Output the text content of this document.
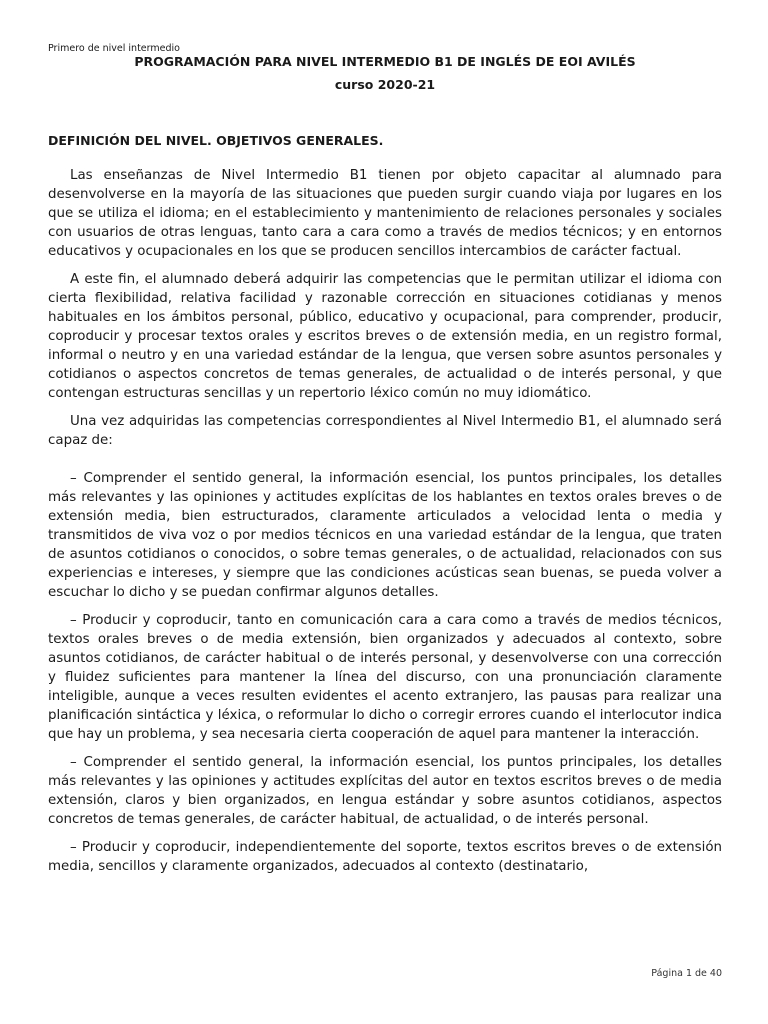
Primero de nivel intermedio
PROGRAMACIÓN PARA NIVEL INTERMEDIO B1 DE INGLÉS DE EOI AVILÉS
curso 2020-21
DEFINICIÓN DEL NIVEL. OBJETIVOS GENERALES.

Las enseñanzas de Nivel Intermedio B1 tienen por objeto capacitar al alumnado para desenvolverse en la mayoría de las situaciones que pueden surgir cuando viaja por lugares en los que se utiliza el idioma; en el establecimiento y mantenimiento de relaciones personales y sociales con usuarios de otras lenguas, tanto cara a cara como a través de medios técnicos; y en entornos educativos y ocupacionales en los que se producen sencillos intercambios de carácter factual.

A este fin, el alumnado deberá adquirir las competencias que le permitan utilizar el idioma con cierta flexibilidad, relativa facilidad y razonable corrección en situaciones cotidianas y menos habituales en los ámbitos personal, público, educativo y ocupacional, para comprender, producir, coproducir y procesar textos orales y escritos breves o de extensión media, en un registro formal, informal o neutro y en una variedad estándar de la lengua, que versen sobre asuntos personales y cotidianos o aspectos concretos de temas generales, de actualidad o de interés personal, y que contengan estructuras sencillas y un repertorio léxico común no muy idiomático.

Una vez adquiridas las competencias correspondientes al Nivel Intermedio B1, el alumnado será capaz de:

– Comprender el sentido general, la información esencial, los puntos principales, los detalles más relevantes y las opiniones y actitudes explícitas de los hablantes en textos orales breves o de extensión media, bien estructurados, claramente articulados a velocidad lenta o media y transmitidos de viva voz o por medios técnicos en una variedad estándar de la lengua, que traten de asuntos cotidianos o conocidos, o sobre temas generales, o de actualidad, relacionados con sus experiencias e intereses, y siempre que las condiciones acústicas sean buenas, se pueda volver a escuchar lo dicho y se puedan confirmar algunos detalles.

– Producir y coproducir, tanto en comunicación cara a cara como a través de medios técnicos, textos orales breves o de media extensión, bien organizados y adecuados al contexto, sobre asuntos cotidianos, de carácter habitual o de interés personal, y desenvolverse con una corrección y fluidez suficientes para mantener la línea del discurso, con una pronunciación claramente inteligible, aunque a veces resulten evidentes el acento extranjero, las pausas para realizar una planificación sintáctica y léxica, o reformular lo dicho o corregir errores cuando el interlocutor indica que hay un problema, y sea necesaria cierta cooperación de aquel para mantener la interacción.

– Comprender el sentido general, la información esencial, los puntos principales, los detalles más relevantes y las opiniones y actitudes explícitas del autor en textos escritos breves o de media extensión, claros y bien organizados, en lengua estándar y sobre asuntos cotidianos, aspectos concretos de temas generales, de carácter habitual, de actualidad, o de interés personal.

– Producir y coproducir, independientemente del soporte, textos escritos breves o de extensión media, sencillos y claramente organizados, adecuados al contexto (destinatario,

Página 1 de 40
